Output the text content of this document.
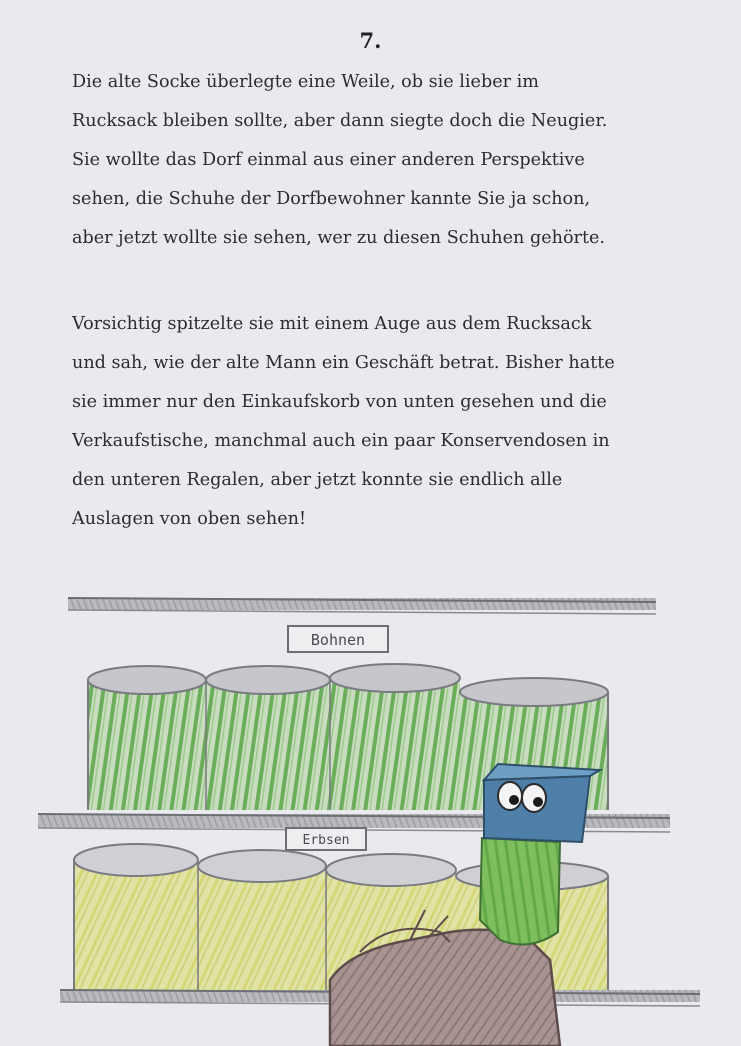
7.

Die alte Socke überlegte eine Weile, ob sie lieber im
Rucksack bleiben sollte, aber dann siegte doch die Neugier.
Sie wollte das Dorf einmal aus einer anderen Perspektive
sehen, die Schuhe der Dorfbewohner kannte Sie ja schon,
aber jetzt wollte sie sehen, wer zu diesen Schuhen gehörte.

Vorsichtig spitzelte sie mit einem Auge aus dem Rucksack
und sah, wie der alte Mann ein Geschäft betrat. Bisher hatte
sie immer nur den Einkaufskorb von unten gesehen und die
Verkaufstische, manchmal auch ein paar Konservendosen in
den unteren Regalen, aber jetzt konnte sie endlich alle
Auslagen von oben sehen!

Bohnen
Erbsen
